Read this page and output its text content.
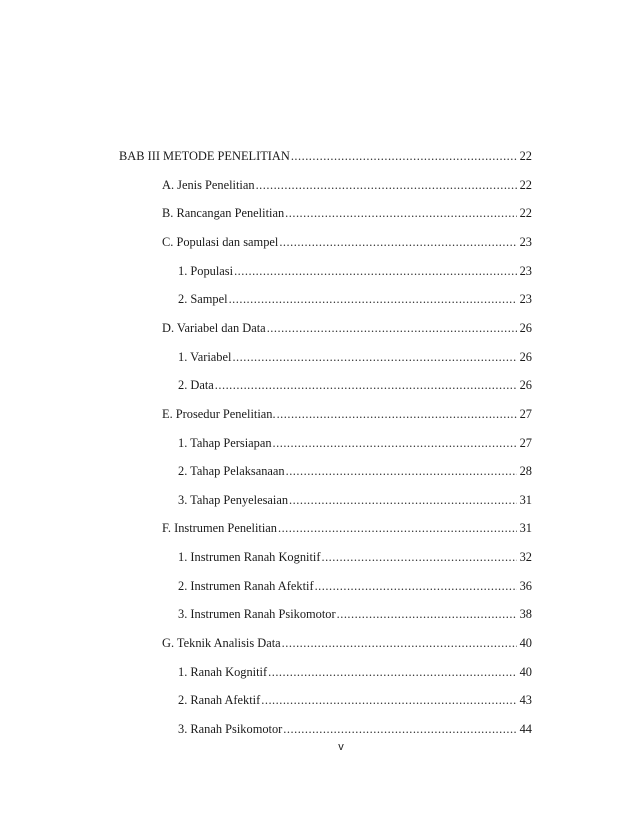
BAB III METODE PENELITIAN .....	22
A. Jenis Penelitian .....	22
B. Rancangan Penelitian .....	22
C. Populasi dan sampel .....	23
1. Populasi .....	23
2. Sampel .....	23
D. Variabel dan Data .....	26
1. Variabel .....	26
2. Data .....	26
E. Prosedur Penelitian. .....	27
1. Tahap Persiapan .....	27
2. Tahap Pelaksanaan .....	28
3. Tahap Penyelesaian .....	31
F. Instrumen Penelitian .....	31
1. Instrumen Ranah Kognitif .....	32
2. Instrumen Ranah Afektif .....	36
3. Instrumen Ranah Psikomotor .....	38
G. Teknik Analisis Data .....	40
1. Ranah Kognitif .....	40
2. Ranah Afektif .....	43
3. Ranah Psikomotor .....	44
v
